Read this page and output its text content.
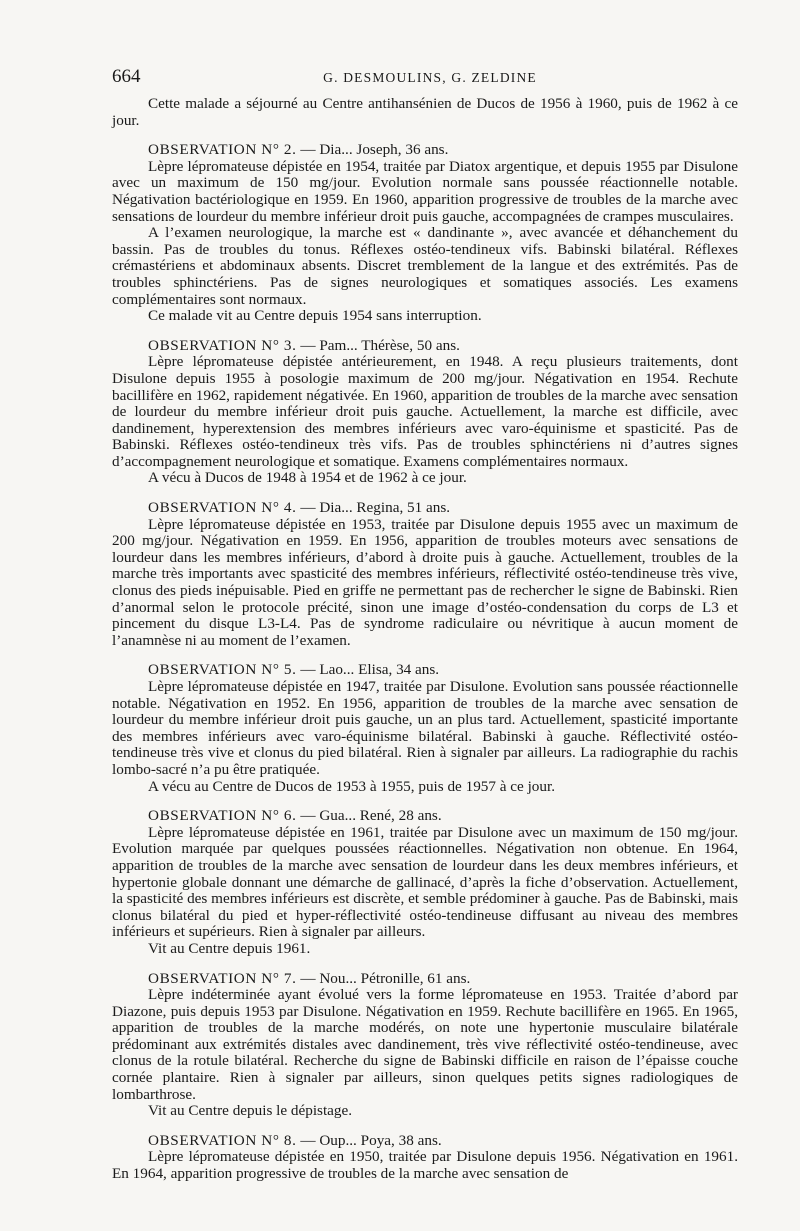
664	G. DESMOULINS, G. ZELDINE

Cette malade a séjourné au Centre antihansénien de Ducos de 1956 à 1960, puis de 1962 à ce jour.

OBSERVATION N° 2. — Dia... Joseph, 36 ans.

Lèpre lépromateuse dépistée en 1954, traitée par Diatox argentique, et depuis 1955 par Disulone avec un maximum de 150 mg/jour. Evolution normale sans poussée réactionnelle notable. Négativation bactériologique en 1959. En 1960, apparition progressive de troubles de la marche avec sensations de lourdeur du membre inférieur droit puis gauche, accompagnées de crampes musculaires.

A l’examen neurologique, la marche est « dandinante », avec avancée et déhanchement du bassin. Pas de troubles du tonus. Réflexes ostéo-tendineux vifs. Babinski bilatéral. Réflexes crémastériens et abdominaux absents. Discret tremblement de la langue et des extrémités. Pas de troubles sphinctériens. Pas de signes neurologiques et somatiques associés. Les examens complémentaires sont normaux.

Ce malade vit au Centre depuis 1954 sans interruption.

OBSERVATION N° 3. — Pam... Thérèse, 50 ans.

Lèpre lépromateuse dépistée antérieurement, en 1948. A reçu plusieurs traitements, dont Disulone depuis 1955 à posologie maximum de 200 mg/jour. Négativation en 1954. Rechute bacillifère en 1962, rapidement négativée. En 1960, apparition de troubles de la marche avec sensation de lourdeur du membre inférieur droit puis gauche. Actuellement, la marche est difficile, avec dandinement, hyperextension des membres inférieurs avec varo-équinisme et spasticité. Pas de Babinski. Réflexes ostéo-tendineux très vifs. Pas de troubles sphinctériens ni d’autres signes d’accompagnement neurologique et somatique. Examens complémentaires normaux.

A vécu à Ducos de 1948 à 1954 et de 1962 à ce jour.

OBSERVATION N° 4. — Dia... Regina, 51 ans.

Lèpre lépromateuse dépistée en 1953, traitée par Disulone depuis 1955 avec un maximum de 200 mg/jour. Négativation en 1959. En 1956, apparition de troubles moteurs avec sensations de lourdeur dans les membres inférieurs, d’abord à droite puis à gauche. Actuellement, troubles de la marche très importants avec spasticité des membres inférieurs, réflectivité ostéo-tendineuse très vive, clonus des pieds inépuisable. Pied en griffe ne permettant pas de rechercher le signe de Babinski. Rien d’anormal selon le protocole précité, sinon une image d’ostéo-condensation du corps de L3 et pincement du disque L3-L4. Pas de syndrome radiculaire ou névritique à aucun moment de l’anamnèse ni au moment de l’examen.

OBSERVATION N° 5. — Lao... Elisa, 34 ans.

Lèpre lépromateuse dépistée en 1947, traitée par Disulone. Evolution sans poussée réactionnelle notable. Négativation en 1952. En 1956, apparition de troubles de la marche avec sensation de lourdeur du membre inférieur droit puis gauche, un an plus tard. Actuellement, spasticité importante des membres inférieurs avec varo-équinisme bilatéral. Babinski à gauche. Réflectivité ostéo-tendineuse très vive et clonus du pied bilatéral. Rien à signaler par ailleurs. La radiographie du rachis lombo-sacré n’a pu être pratiquée.

A vécu au Centre de Ducos de 1953 à 1955, puis de 1957 à ce jour.

OBSERVATION N° 6. — Gua... René, 28 ans.

Lèpre lépromateuse dépistée en 1961, traitée par Disulone avec un maximum de 150 mg/jour. Evolution marquée par quelques poussées réactionnelles. Négativation non obtenue. En 1964, apparition de troubles de la marche avec sensation de lourdeur dans les deux membres inférieurs, et hypertonie globale donnant une démarche de gallinacé, d’après la fiche d’observation. Actuellement, la spasticité des membres inférieurs est discrète, et semble prédominer à gauche. Pas de Babinski, mais clonus bilatéral du pied et hyper-réflectivité ostéo-tendineuse diffusant au niveau des membres inférieurs et supérieurs. Rien à signaler par ailleurs.

Vit au Centre depuis 1961.

OBSERVATION N° 7. — Nou... Pétronille, 61 ans.

Lèpre indéterminée ayant évolué vers la forme lépromateuse en 1953. Traitée d’abord par Diazone, puis depuis 1953 par Disulone. Négativation en 1959. Rechute bacillifère en 1965. En 1965, apparition de troubles de la marche modérés, on note une hypertonie musculaire bilatérale prédominant aux extrémités distales avec dandinement, très vive réflectivité ostéo-tendineuse, avec clonus de la rotule bilatéral. Recherche du signe de Babinski difficile en raison de l’épaisse couche cornée plantaire. Rien à signaler par ailleurs, sinon quelques petits signes radiologiques de lombarthrose.

Vit au Centre depuis le dépistage.

OBSERVATION N° 8. — Oup... Poya, 38 ans.

Lèpre lépromateuse dépistée en 1950, traitée par Disulone depuis 1956. Négativation en 1961. En 1964, apparition progressive de troubles de la marche avec sensation de
